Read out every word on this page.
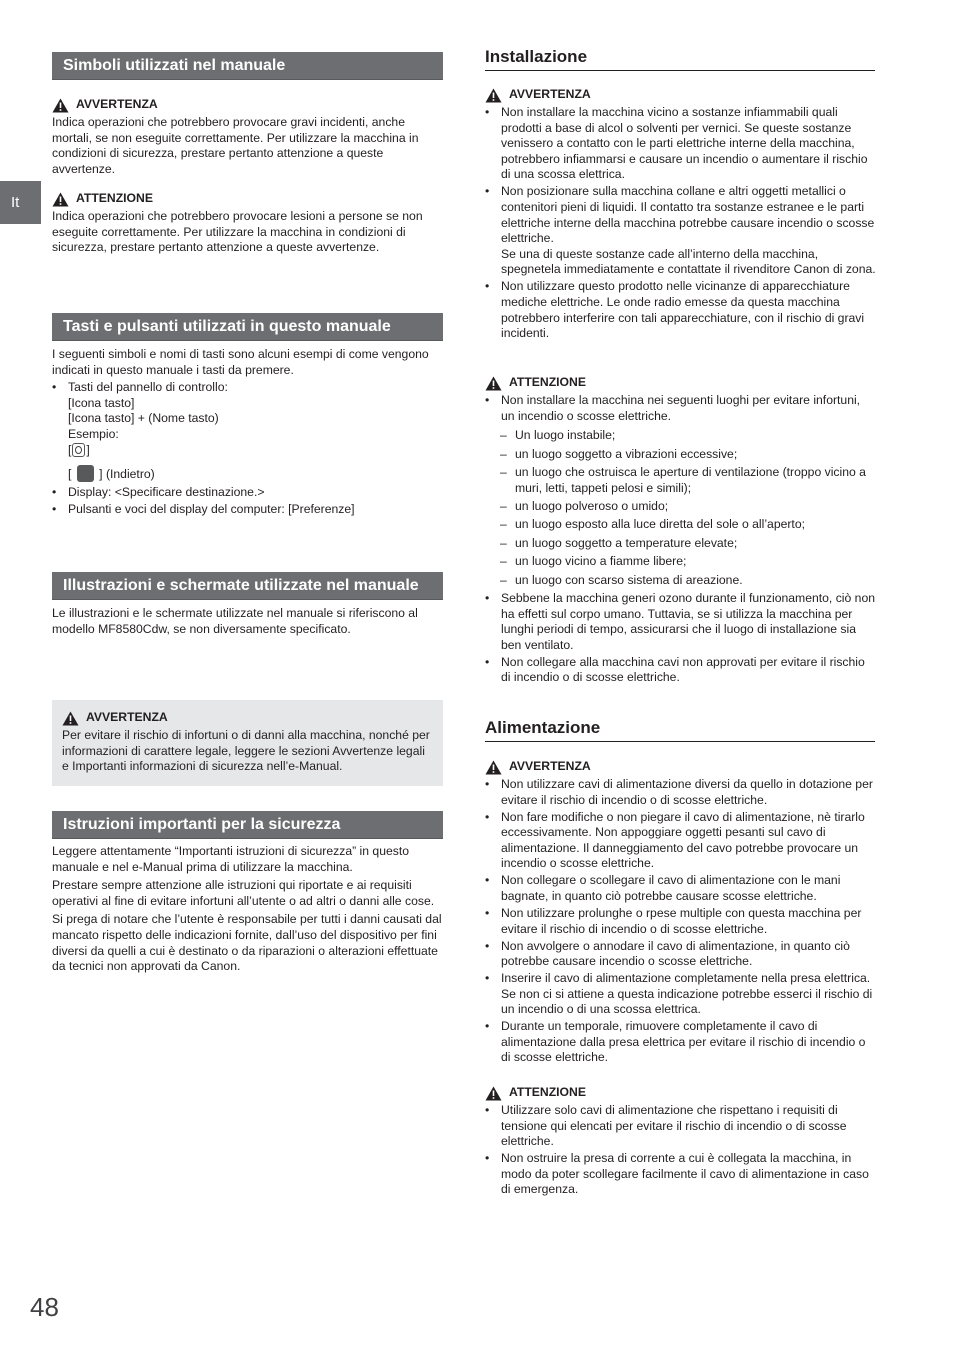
It
Simboli utilizzati nel manuale
AVVERTENZA

Indica operazioni che potrebbero provocare gravi incidenti, anche mortali, se non eseguite correttamente. Per utilizzare la macchina in condizioni di sicurezza, prestare pertanto attenzione a queste avvertenze.

ATTENZIONE

Indica operazioni che potrebbero provocare lesioni a persone se non eseguite correttamente. Per utilizzare la macchina in condizioni di sicurezza, prestare pertanto attenzione a queste avvertenze.

Tasti e pulsanti utilizzati in questo manuale

I seguenti simboli e nomi di tasti sono alcuni esempi di come vengono indicati in questo manuale i tasti da premere.

• Tasti del pannello di controllo:
[Icona tasto]
[Icona tasto] + (Nome tasto)
Esempio:
[ ]
[ ] (Indietro)
• Display: <Specificare destinazione.>
• Pulsanti e voci del display del computer: [Preferenze]
Illustrazioni e schermate utilizzate nel manuale

Le illustrazioni e le schermate utilizzate nel manuale si riferiscono al modello MF8580Cdw, se non diversamente specificato.

AVVERTENZA

Per evitare il rischio di infortuni o di danni alla macchina, nonché per informazioni di carattere legale, leggere le sezioni Avvertenze legali e Importanti informazioni di sicurezza nell’e-Manual.

Istruzioni importanti per la sicurezza

Leggere attentamente “Importanti istruzioni di sicurezza” in questo manuale e nel e-Manual prima di utilizzare la macchina.

Prestare sempre attenzione alle istruzioni qui riportate e ai requisiti operativi al fine di evitare infortuni all’utente o ad altri o danni alle cose.

Si prega di notare che l’utente è responsabile per tutti i danni causati dal mancato rispetto delle indicazioni fornite, dall’uso del dispositivo per fini diversi da quelli a cui è destinato o da riparazioni o alterazioni effettuate da tecnici non approvati da Canon.

Installazione
AVVERTENZA
• Non installare la macchina vicino a sostanze infiammabili quali prodotti a base di alcol o solventi per vernici. Se queste sostanze venissero a contatto con le parti elettriche interne della macchina, potrebbero infiammarsi e causare un incendio o aumentare il rischio di una scossa elettrica.
• Non posizionare sulla macchina collane e altri oggetti metallici o contenitori pieni di liquidi. Il contatto tra sostanze estranee e le parti elettriche interne della macchina potrebbe causare incendio o scosse elettriche.
Se una di queste sostanze cade all’interno della macchina, spegnetela immediatamente e contattate il rivenditore Canon di zona.
• Non utilizzare questo prodotto nelle vicinanze di apparecchiature mediche elettriche. Le onde radio emesse da questa macchina potrebbero interferire con tali apparecchiature, con il rischio di gravi incidenti.
ATTENZIONE
• Non installare la macchina nei seguenti luoghi per evitare infortuni, un incendio o scosse elettriche.
– Un luogo instabile;
– un luogo soggetto a vibrazioni eccessive;
– un luogo che ostruisca le aperture di ventilazione (troppo vicino a muri, letti, tappeti pelosi e simili);
– un luogo polveroso o umido;
– un luogo esposto alla luce diretta del sole o all’aperto;
– un luogo soggetto a temperature elevate;
– un luogo vicino a fiamme libere;
– un luogo con scarso sistema di areazione.
• Sebbene la macchina generi ozono durante il funzionamento, ciò non ha effetti sul corpo umano. Tuttavia, se si utilizza la macchina per lunghi periodi di tempo, assicurarsi che il luogo di installazione sia ben ventilato.
• Non collegare alla macchina cavi non approvati per evitare il rischio di incendio o di scosse elettriche.
Alimentazione
AVVERTENZA
• Non utilizzare cavi di alimentazione diversi da quello in dotazione per evitare il rischio di incendio o di scosse elettriche.
• Non fare modifiche o non piegare il cavo di alimentazione, nè tirarlo eccessivamente. Non appoggiare oggetti pesanti sul cavo di alimentazione. Il danneggiamento del cavo potrebbe provocare un incendio o scosse elettriche.
• Non collegare o scollegare il cavo di alimentazione con le mani bagnate, in quanto ciò potrebbe causare scosse elettriche.
• Non utilizzare prolunghe o rpese multiple con questa macchina per evitare il rischio di incendio o di scosse elettriche.
• Non avvolgere o annodare il cavo di alimentazione, in quanto ciò potrebbe causare incendio o scosse elettriche.
• Inserire il cavo di alimentazione completamente nella presa elettrica. Se non ci si attiene a questa indicazione potrebbe esserci il rischio di un incendio o di una scossa elettrica.
• Durante un temporale, rimuovere completamente il cavo di alimentazione dalla presa elettrica per evitare il rischio di incendio o di scosse elettriche.
ATTENZIONE
• Utilizzare solo cavi di alimentazione che rispettano i requisiti di tensione qui elencati per evitare il rischio di incendio o di scosse elettriche.
• Non ostruire la presa di corrente a cui è collegata la macchina, in modo da poter scollegare facilmente il cavo di alimentazione in caso di emergenza.
48
